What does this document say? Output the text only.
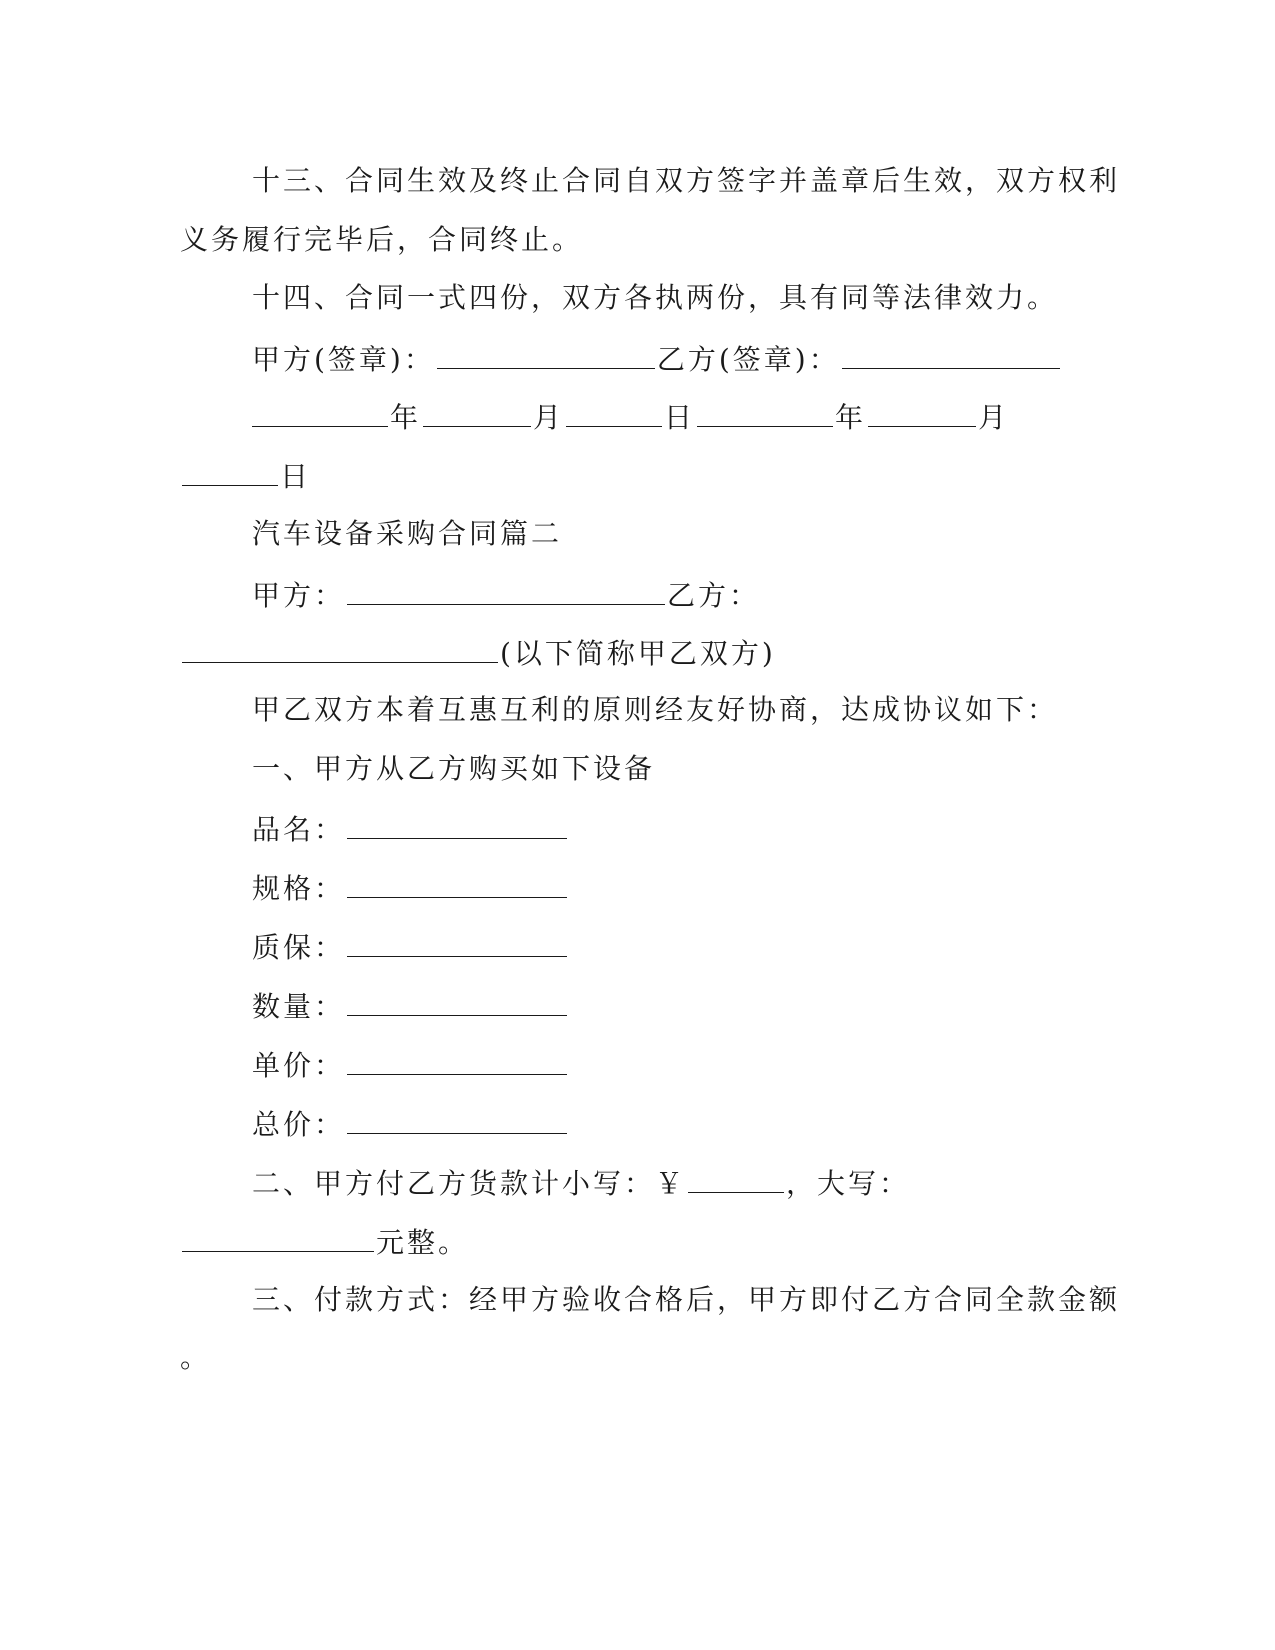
十三、合同生效及终止合同自双方签字并盖章后生效，双方权利
义务履行完毕后，合同终止。
十四、合同一式四份，双方各执两份，具有同等法律效力。
甲方(签章)：	乙方(签章)：
年	月	日	年	月
日
汽车设备采购合同篇二
甲方：	乙方：
(以下简称甲乙双方)
甲乙双方本着互惠互利的原则经友好协商，达成协议如下：
一、甲方从乙方购买如下设备
品名：
规格：
质保：
数量：
单价：
总价：
二、甲方付乙方货款计小写：￥	，大写：
元整。
三、付款方式：经甲方验收合格后，甲方即付乙方合同全款金额
。
